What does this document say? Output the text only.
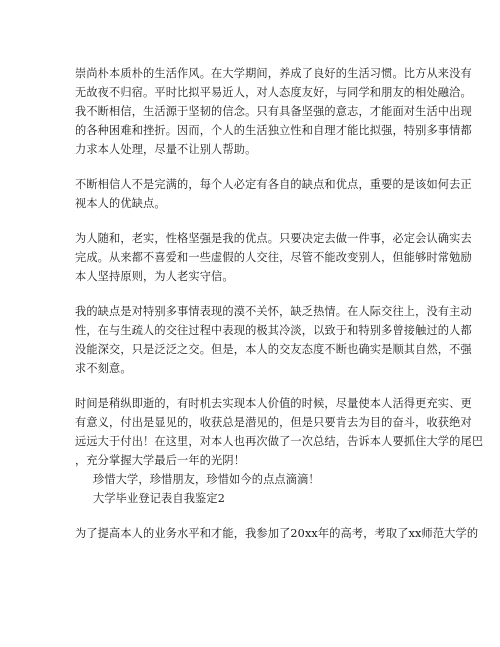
崇尚朴本质朴的生活作风。在大学期间，养成了良好的生活习惯。比方从来没有
无故夜不归宿。平时比拟平易近人，对人态度友好，与同学和朋友的相处融洽。
我不断相信，生活源于坚韧的信念。只有具备坚强的意志，才能面对生活中出现
的各种困难和挫折。因而，个人的生活独立性和自理才能比拟强，特别多事情都
力求本人处理，尽量不让别人帮助。
不断相信人不是完满的，每个人必定有各自的缺点和优点，重要的是该如何去正
视本人的优缺点。
为人随和，老实，性格坚强是我的优点。只要决定去做一件事，必定会认确实去
完成。从来都不喜爱和一些虚假的人交往，尽管不能改变别人，但能够时常勉励
本人坚持原则，为人老实守信。
我的缺点是对特别多事情表现的漠不关怀，缺乏热情。在人际交往上，没有主动
性，在与生疏人的交往过程中表现的极其冷淡，以致于和特别多曾接触过的人都
没能深交，只是泛泛之交。但是，本人的交友态度不断也确实是顺其自然，不强
求不刻意。
时间是稍纵即逝的，有时机去实现本人价值的时候，尽量使本人活得更充实、更
有意义，付出是显见的，收获总是潜见的，但是只要肯去为目的奋斗，收获绝对
远远大于付出！在这里，对本人也再次做了一次总结，告诉本人要抓住大学的尾巴
，充分掌握大学最后一年的光阴！
珍惜大学，珍惜朋友，珍惜如今的点点滴滴！
大学毕业登记表自我鉴定2
为了提高本人的业务水平和才能，我参加了20xx年的高考，考取了xx师范大学的
